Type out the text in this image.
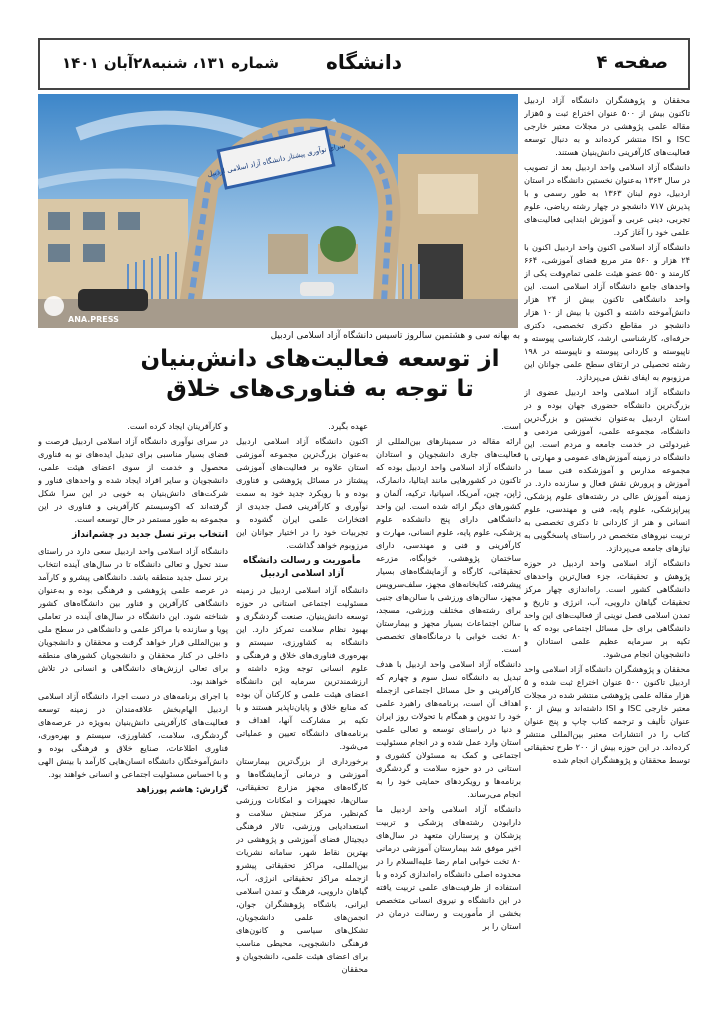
صفحه ۴
دانشگاه
شماره ۱۳۱، شنبه۲۸آبان ۱۴۰۱
سرای نوآوری پیشتاز دانشگاه آزاد اسلامی اردبیل
ANA.PRESS
به بهانه سی و هشتمین سالروز تاسیس دانشگاه آزاد اسلامی اردبیل
از توسعه فعالیت‌های دانش‌بنیان
تا توجه به فناوری‌های خلاق

محققان و پژوهشگران دانشگاه آزاد اردبیل تاکنون بیش از ۵۰۰ عنوان اختراع ثبت و ۵هزار مقاله علمی پژوهشی در مجلات معتبر خارجی ISC و ISI منتشر کرده‌اند و به دنبال توسعه فعالیت‌های کارآفرینی دانش‌بنیان هستند.

دانشگاه آزاد اسلامی واحد اردبیل بعد از تصویب در سال ۱۳۶۳ به‌عنوان نخستین دانشگاه در استان اردبیل، دوم لبنان ۱۳۶۳ به طور رسمی و با پذیرش ۷۱۷ دانشجو در چهار رشته ریاضی، علوم تجربی، دینی عربی و آموزش ابتدایی فعالیت‌های علمی خود را آغاز کرد.

دانشگاه آزاد اسلامی اکنون واحد اردبیل اکنون با ۲۴ هزار و ۵۶۰ متر مربع فضای آموزشی، ۶۶۴ کارمند و ۵۵۰ عضو هیئت علمی تمام‌وقت یکی از واحدهای جامع دانشگاه آزاد اسلامی است. این واحد دانشگاهی تاکنون بیش از ۲۴ هزار دانش‌آموخته داشته و اکنون با بیش از ۱۰ هزار دانشجو در مقاطع دکتری تخصصی، دکتری حرفه‌ای، کارشناسی ارشد، کارشناسی پیوسته و ناپیوسته و کاردانی پیوسته و ناپیوسته در ۱۹۸ رشته تحصیلی در ارتقای سطح علمی جوانان این مرزوبوم به ایفای نقش می‌پردازد.

دانشگاه آزاد اسلامی واحد اردبیل عضوی از بزرگ‌ترین دانشگاه حضوری جهان بوده و در استان اردبیل به‌عنوان نخستین و بزرگ‌ترین دانشگاه، مجموعه علمی، آموزشی مردمی و غیردولتی در خدمت جامعه و مردم است. این دانشگاه در زمینه آموزش‌های عمومی و مهارتی با مجموعه مدارس و آموزشکده فنی سما در آموزش و پرورش نقش فعال و سازنده دارد. در زمینه آموزش عالی در رشته‌های علوم پزشکی، پیراپزشکی، علوم پایه، فنی و مهندسی، علوم انسانی و هنر از کاردانی تا دکتری تخصصی به تربیت نیروهای متخصص در راستای پاسخگویی به نیازهای جامعه می‌پردازد.

دانشگاه آزاد اسلامی واحد اردبیل در حوزه پژوهش و تحقیقات، جزء فعال‌ترین واحدهای دانشگاهی کشور است. راه‌اندازی چهار مرکز تحقیقات گیاهان دارویی، آب، انرژی و تاریخ و تمدن اسلامی فصل نوینی از فعالیت‌های این واحد دانشگاهی برای حل مسائل اجتماعی بوده که با تکیه بر سرمایه عظیم علمی استادان و دانشجویان انجام می‌شود.

محققان و پژوهشگران دانشگاه آزاد اسلامی واحد اردبیل تاکنون ۵۰۰ عنوان اختراع ثبت شده و ۵ هزار مقاله علمی پژوهشی منتشر شده در مجلات معتبر خارجی ISC و ISI داشته‌اند و بیش از ۶۰ عنوان تألیف و ترجمه کتاب چاپ و پنج عنوان کتاب را در انتشارات معتبر بین‌المللی منتشر کرده‌اند. در این حوزه بیش از ۲۰۰ طرح تحقیقاتی توسط محققان و پژوهشگران انجام شده

است.

ارائه مقاله در سمینارهای بین‌المللی از فعالیت‌های جاری دانشجویان و استادان دانشگاه آزاد اسلامی واحد اردبیل بوده که تاکنون در کشورهایی مانند ایتالیا، دانمارک، ژاپن، چین، آمریکا، اسپانیا، ترکیه، آلمان و کشورهای دیگر ارائه شده است. این واحد دانشگاهی دارای پنج دانشکده علوم پزشکی، علوم پایه، علوم انسانی، مهارت و کارآفرینی و فنی و مهندسی، دارای ساختمان پژوهشی، خوابگاه، مزرعه تحقیقاتی، کارگاه و آزمایشگاه‌های بسیار پیشرفته، کتابخانه‌های مجهز، سلف‌سرویس مجهز، سالن‌های ورزشی با سالن‌های جنبی برای رشته‌های مختلف ورزشی، مسجد، سالن اجتماعات بسیار مجهز و بیمارستان ۸۰ تخت خوابی با درمانگاه‌های تخصصی است.

دانشگاه آزاد اسلامی واحد اردبیل با هدف تبدیل به دانشگاه نسل سوم و چهارم که کارآفرینی و حل مسائل اجتماعی ازجمله اهداف آن است، برنامه‌های راهبرد علمی خود را تدوین و همگام با تحولات روز ایران و دنیا در راستای توسعه و تعالی علمی استان وارد عمل شده و در انجام مسئولیت اجتماعی و کمک به مسئولان کشوری و استانی در دو حوزه سلامت و گردشگری برنامه‌ها و رویکردهای حمایتی خود را به انجام می‌رساند.

دانشگاه آزاد اسلامی واحد اردبیل ما دارابودن رشته‌های پزشکی و تربیت پزشکان و پرستاران متعهد در سال‌های اخیر موفق شد بیمارستان آموزشی درمانی ۸۰ تخت خوابی امام رضا علیه‌السلام را در محدوده اصلی دانشگاه راه‌اندازی کرده و با استفاده از ظرفیت‌های علمی تربیت یافته در این دانشگاه و نیروی انسانی متخصص بخشی از مأموریت و رسالت درمان در استان را بر

عهده بگیرد.

اکنون دانشگاه آزاد اسلامی اردبیل به‌عنوان بزرگ‌ترین مجموعه آموزشی استان علاوه بر فعالیت‌های آموزشی پیشتاز در مسائل پژوهشی و فناوری بوده و با رویکرد جدید خود به سمت نوآوری و کارآفرینی فصل جدیدی از افتخارات علمی ایران گشوده و تجربیات خود را در اختیار جوانان این مرزوبوم خواهد گذاشت.

مأموریت و رسالت دانشگاه آزاد اسلامی اردبیل

دانشگاه آزاد اسلامی اردبیل در زمینه مسئولیت اجتماعی استانی در حوزه توسعه دانش‌بنیان، صنعت گردشگری و بهبود نظام سلامت تمرکز دارد. این دانشگاه به کشاورزی، سیستم و بهره‌وری فناوری‌های خلاق و فرهنگی و علوم انسانی توجه ویژه داشته و ارزشمندترین سرمایه این دانشگاه اعضای هیئت علمی و کارکنان آن بوده که منابع خلاق و پایان‌ناپذیر هستند و با تکیه بر مشارکت آنها، اهداف و برنامه‌های دانشگاه تعیین و عملیاتی می‌شود.

برخورداری از بزرگ‌ترین بیمارستان آموزشی و درمانی آزمایشگاه‌ها و کارگاه‌های مجهز مزارع تحقیقاتی، سالن‌ها، تجهیزات و امکانات ورزشی کم‌نظیر، مرکز سنجش سلامت و استعدادیابی ورزشی، تالار فرهنگی دیجیتال فضای آموزشی و پژوهشی در بهترین نقاط شهر، سامانه نشریات بین‌المللی، مراکز تحقیقاتی پیشرو ازجمله مراکز تحقیقاتی انرژی، آب، گیاهان دارویی، فرهنگ و تمدن اسلامی ایرانی، باشگاه پژوهشگران جوان، انجمن‌های علمی دانشجویان، تشکل‌های سیاسی و کانون‌های فرهنگی دانشجویی، محیطی مناسب برای اعضای هیئت علمی، دانشجویان و محققان

و کارآفرینان ایجاد کرده است.

در سرای نوآوری دانشگاه آزاد اسلامی اردبیل فرصت و فضای بسیار مناسبی برای تبدیل ایده‌های نو به فناوری محصول و خدمت از سوی اعضای هیئت علمی، دانشجویان و سایر افراد ایجاد شده و واحدهای فناور و شرکت‌های دانش‌بنیان به خوبی در این سرا شکل گرفته‌اند که اکوسیستم کارآفرینی و فناوری در این مجموعه به طور مستمر در حال توسعه است.

انتخاب برتر نسل جدید در چشم‌انداز

دانشگاه آزاد اسلامی واحد اردبیل سعی دارد در راستای سند تحول و تعالی دانشگاه تا در سال‌های آینده انتخاب برتر نسل جدید منطقه باشد. دانشگاهی پیشرو و کارآمد در عرصه علمی پژوهشی و فرهنگی بوده و به‌عنوان دانشگاهی کارآفرین و فناور بین دانشگاه‌های کشور شناخته شود. این دانشگاه در سال‌های آینده در تعاملی پویا و سازنده با مراکز علمی و دانشگاهی در سطح ملی و بین‌المللی قرار خواهد گرفت و محققان و دانشجویان داخلی در کنار محققان و دانشجویان کشورهای منطقه برای تعالی ارزش‌های دانشگاهی و انسانی در تلاش خواهند بود.

با اجرای برنامه‌های در دست اجرا، دانشگاه آزاد اسلامی اردبیل الهام‌بخش علاقه‌مندان در زمینه توسعه فعالیت‌های کارآفرینی دانش‌بنیان به‌ویژه در عرصه‌های گردشگری، سلامت، کشاورزی، سیستم و بهره‌وری، فناوری اطلاعات، صنایع خلاق و فرهنگی بوده و دانش‌آموختگان دانشگاه انسان‌هایی کارآمد با بینش الهی و با احساس مسئولیت اجتماعی و انسانی خواهند بود.

گزارش: هاشم پورزاهد
